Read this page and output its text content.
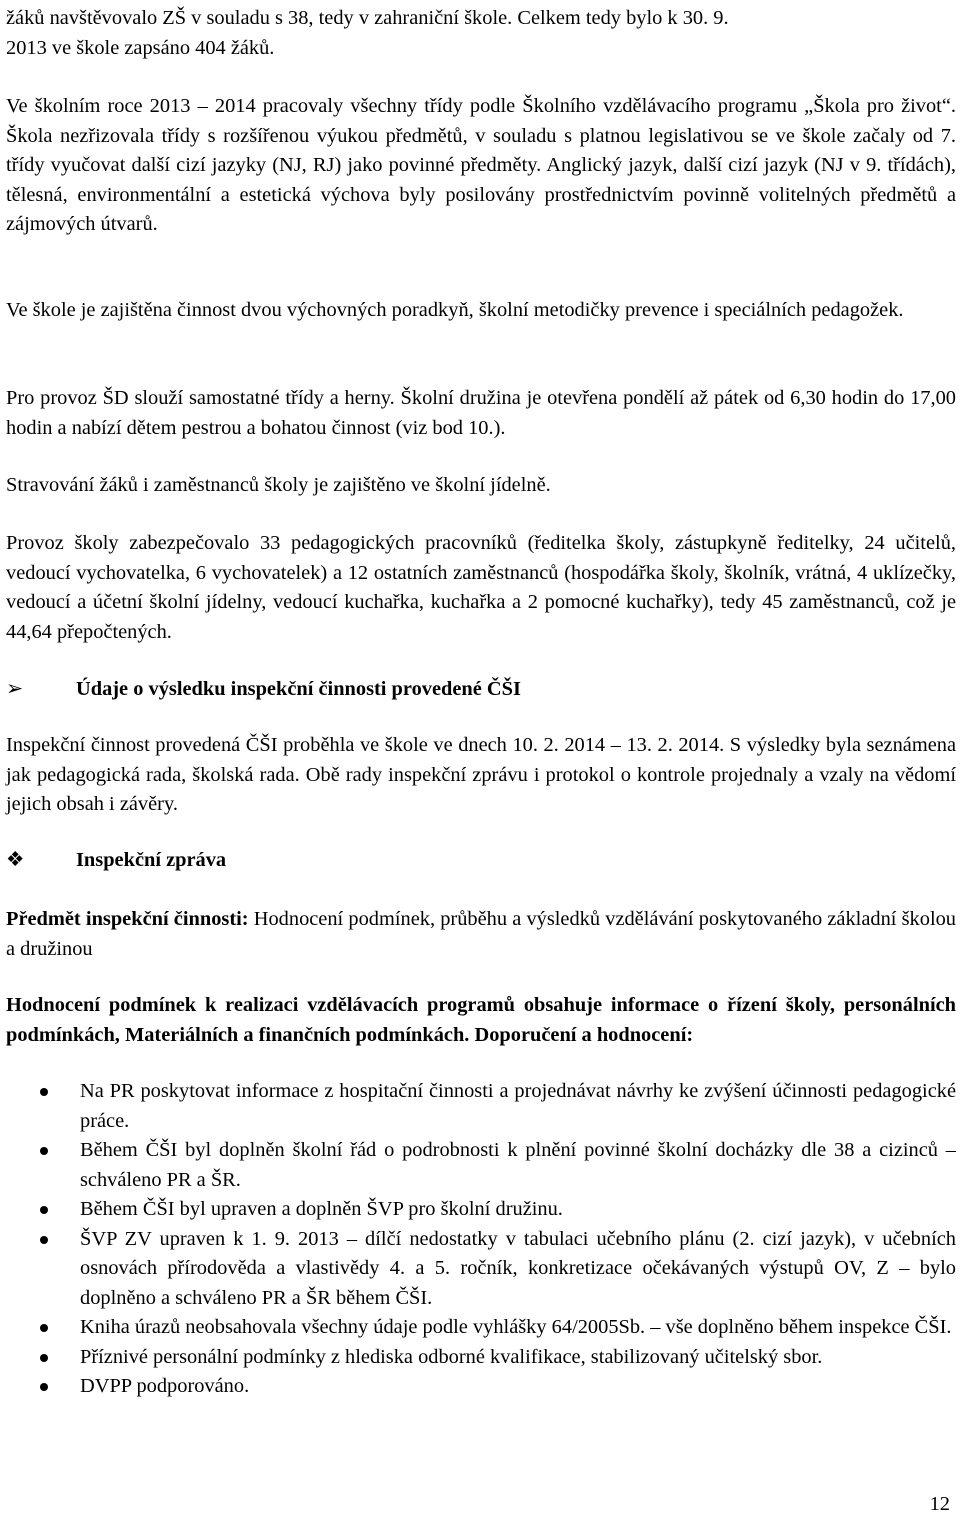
žáků navštěvovalo ZŠ v souladu s 38, tedy v zahraniční škole. Celkem tedy bylo k 30. 9.
2013 ve škole zapsáno 404 žáků.

Ve školním roce 2013 – 2014 pracovaly všechny třídy podle Školního vzdělávacího programu „Škola pro život“. Škola nezřizovala třídy s rozšířenou výukou předmětů, v souladu s platnou legislativou se ve škole začaly od 7. třídy vyučovat další cizí jazyky (NJ, RJ) jako povinné předměty. Anglický jazyk, další cizí jazyk (NJ v 9. třídách), tělesná, environmentální a estetická výchova byly posilovány prostřednictvím povinně volitelných předmětů a zájmových útvarů.

Ve škole je zajištěna činnost dvou výchovných poradkyň, školní metodičky prevence i speciálních pedagožek.

Pro provoz ŠD slouží samostatné třídy a herny. Školní družina je otevřena pondělí až pátek od 6,30 hodin do 17,00 hodin a nabízí dětem pestrou a bohatou činnost (viz bod 10.).

Stravování žáků i zaměstnanců školy je zajištěno ve školní jídelně.

Provoz školy zabezpečovalo 33 pedagogických pracovníků (ředitelka školy, zástupkyně ředitelky, 24 učitelů, vedoucí vychovatelka, 6 vychovatelek) a 12 ostatních zaměstnanců (hospodářka školy, školník, vrátná, 4 uklízečky, vedoucí a účetní školní jídelny, vedoucí kuchařka, kuchařka a 2 pomocné kuchařky), tedy 45 zaměstnanců, což je 44,64 přepočtených.

➢	Údaje o výsledku inspekční činnosti provedené ČŠI

Inspekční činnost provedená ČŠI proběhla ve škole ve dnech 10. 2. 2014 – 13. 2. 2014. S výsledky byla seznámena jak pedagogická rada, školská rada. Obě rady inspekční zprávu i protokol o kontrole projednaly a vzaly na vědomí jejich obsah i závěry.

❖	Inspekční zpráva

Předmět inspekční činnosti: Hodnocení podmínek, průběhu a výsledků vzdělávání poskytovaného základní školou a družinou

Hodnocení podmínek k realizaci vzdělávacích programů obsahuje informace o řízení školy, personálních podmínkách, Materiálních a finančních podmínkách. Doporučení a hodnocení:

Na PR poskytovat informace z hospitační činnosti a projednávat návrhy ke zvýšení účinnosti pedagogické práce.
Během ČŠI byl doplněn školní řád o podrobnosti k plnění povinné školní docházky dle 38 a cizinců – schváleno PR a ŠR.
Během ČŠI byl upraven a doplněn ŠVP pro školní družinu.
ŠVP ZV upraven k 1. 9. 2013 – dílčí nedostatky v tabulaci učebního plánu (2. cizí jazyk), v učebních osnovách přírodověda a vlastivědy 4. a 5. ročník, konkretizace očekávaných výstupů OV, Z – bylo doplněno a schváleno PR a ŠR během ČŠI.
Kniha úrazů neobsahovala všechny údaje podle vyhlášky 64/2005Sb. – vše doplněno během inspekce ČŠI.
Příznivé personální podmínky z hlediska odborné kvalifikace, stabilizovaný učitelský sbor.
DVPP podporováno.
12
